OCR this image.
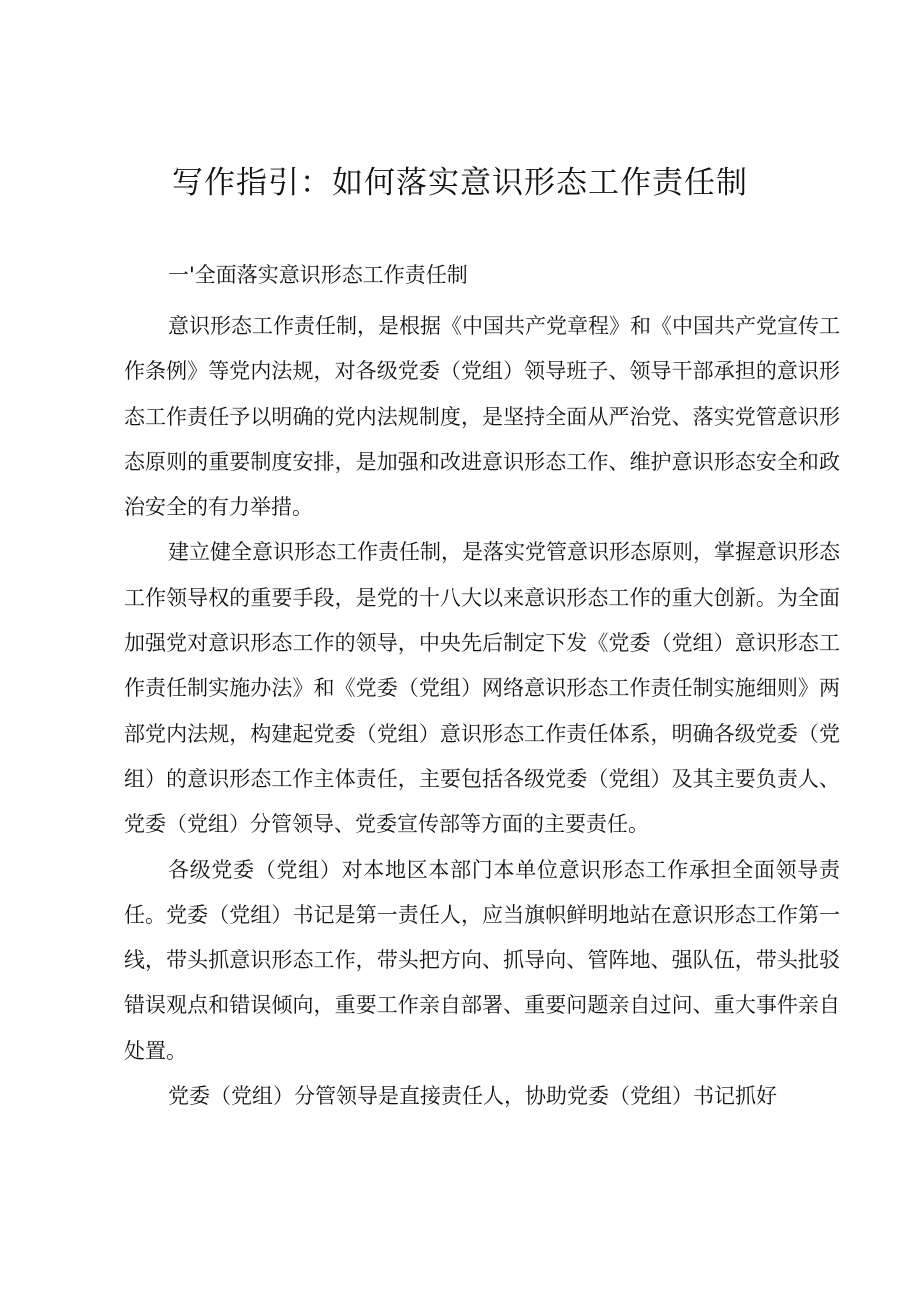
写作指引：如何落实意识形态工作责任制

一'全面落实意识形态工作责任制

意识形态工作责任制，是根据《中国共产党章程》和《中国共产党宣传工作条例》等党内法规，对各级党委（党组）领导班子、领导干部承担的意识形态工作责任予以明确的党内法规制度，是坚持全面从严治党、落实党管意识形态原则的重要制度安排，是加强和改进意识形态工作、维护意识形态安全和政治安全的有力举措。

建立健全意识形态工作责任制，是落实党管意识形态原则，掌握意识形态工作领导权的重要手段，是党的十八大以来意识形态工作的重大创新。为全面加强党对意识形态工作的领导，中央先后制定下发《党委（党组）意识形态工作责任制实施办法》和《党委（党组）网络意识形态工作责任制实施细则》两部党内法规，构建起党委（党组）意识形态工作责任体系，明确各级党委（党组）的意识形态工作主体责任，主要包括各级党委（党组）及其主要负责人、党委（党组）分管领导、党委宣传部等方面的主要责任。

各级党委（党组）对本地区本部门本单位意识形态工作承担全面领导责任。党委（党组）书记是第一责任人，应当旗帜鲜明地站在意识形态工作第一线，带头抓意识形态工作，带头把方向、抓导向、管阵地、强队伍，带头批驳错误观点和错误倾向，重要工作亲自部署、重要问题亲自过问、重大事件亲自处置。

党委（党组）分管领导是直接责任人，协助党委（党组）书记抓好
